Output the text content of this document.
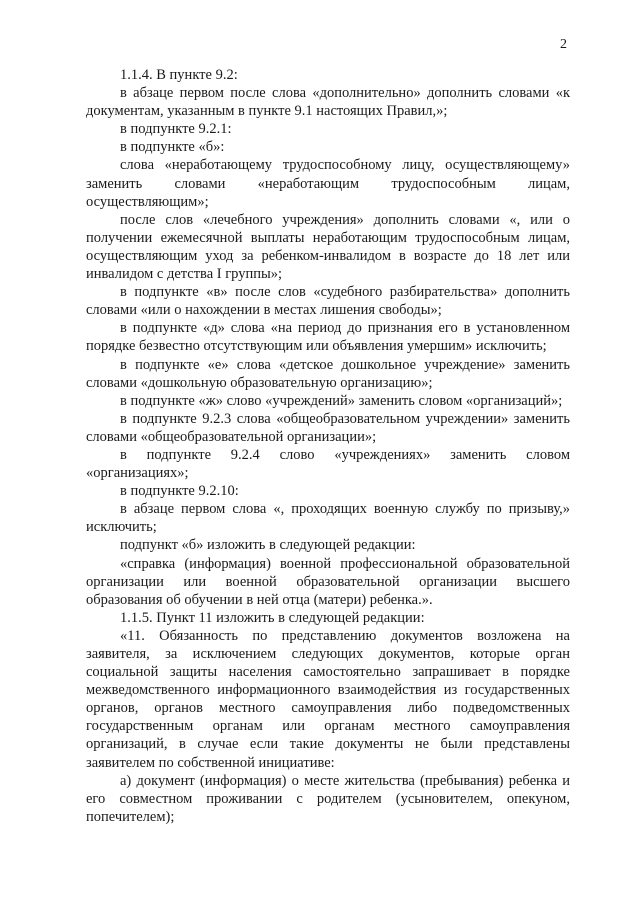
2

1.1.4. В пункте 9.2:

в абзаце первом после слова «дополнительно» дополнить словами «к документам, указанным в пункте 9.1 настоящих Правил,»;

в подпункте 9.2.1:

в подпункте «б»:

слова «неработающему трудоспособному лицу, осуществляющему» заменить словами «неработающим трудоспособным лицам, осуществляющим»;

после слов «лечебного учреждения» дополнить словами «, или о получении ежемесячной выплаты неработающим трудоспособным лицам, осуществляющим уход за ребенком-инвалидом в возрасте до 18 лет или инвалидом с детства I группы»;

в подпункте «в» после слов «судебного разбирательства» дополнить словами «или о нахождении в местах лишения свободы»;

в подпункте «д» слова «на период до признания его в установленном порядке безвестно отсутствующим или объявления умершим» исключить;

в подпункте «е» слова «детское дошкольное учреждение» заменить словами «дошкольную образовательную организацию»;

в подпункте «ж» слово «учреждений» заменить словом «организаций»;

в подпункте 9.2.3 слова «общеобразовательном учреждении» заменить словами «общеобразовательной организации»;

в подпункте 9.2.4 слово «учреждениях» заменить словом «организациях»;

в подпункте 9.2.10:

в абзаце первом слова «, проходящих военную службу по призыву,» исключить;

подпункт «б» изложить в следующей редакции:

«справка (информация) военной профессиональной образовательной организации или военной образовательной организации высшего образования об обучении в ней отца (матери) ребенка.».

1.1.5. Пункт 11 изложить в следующей редакции:

«11. Обязанность по представлению документов возложена на заявителя, за исключением следующих документов, которые орган социальной защиты населения самостоятельно запрашивает в порядке межведомственного информационного взаимодействия из государственных органов, органов местного самоуправления либо подведомственных государственным органам или органам местного самоуправления организаций, в случае если такие документы не были представлены заявителем по собственной инициативе:

а) документ (информация) о месте жительства (пребывания) ребенка и его совместном проживании с родителем (усыновителем, опекуном, попечителем);
